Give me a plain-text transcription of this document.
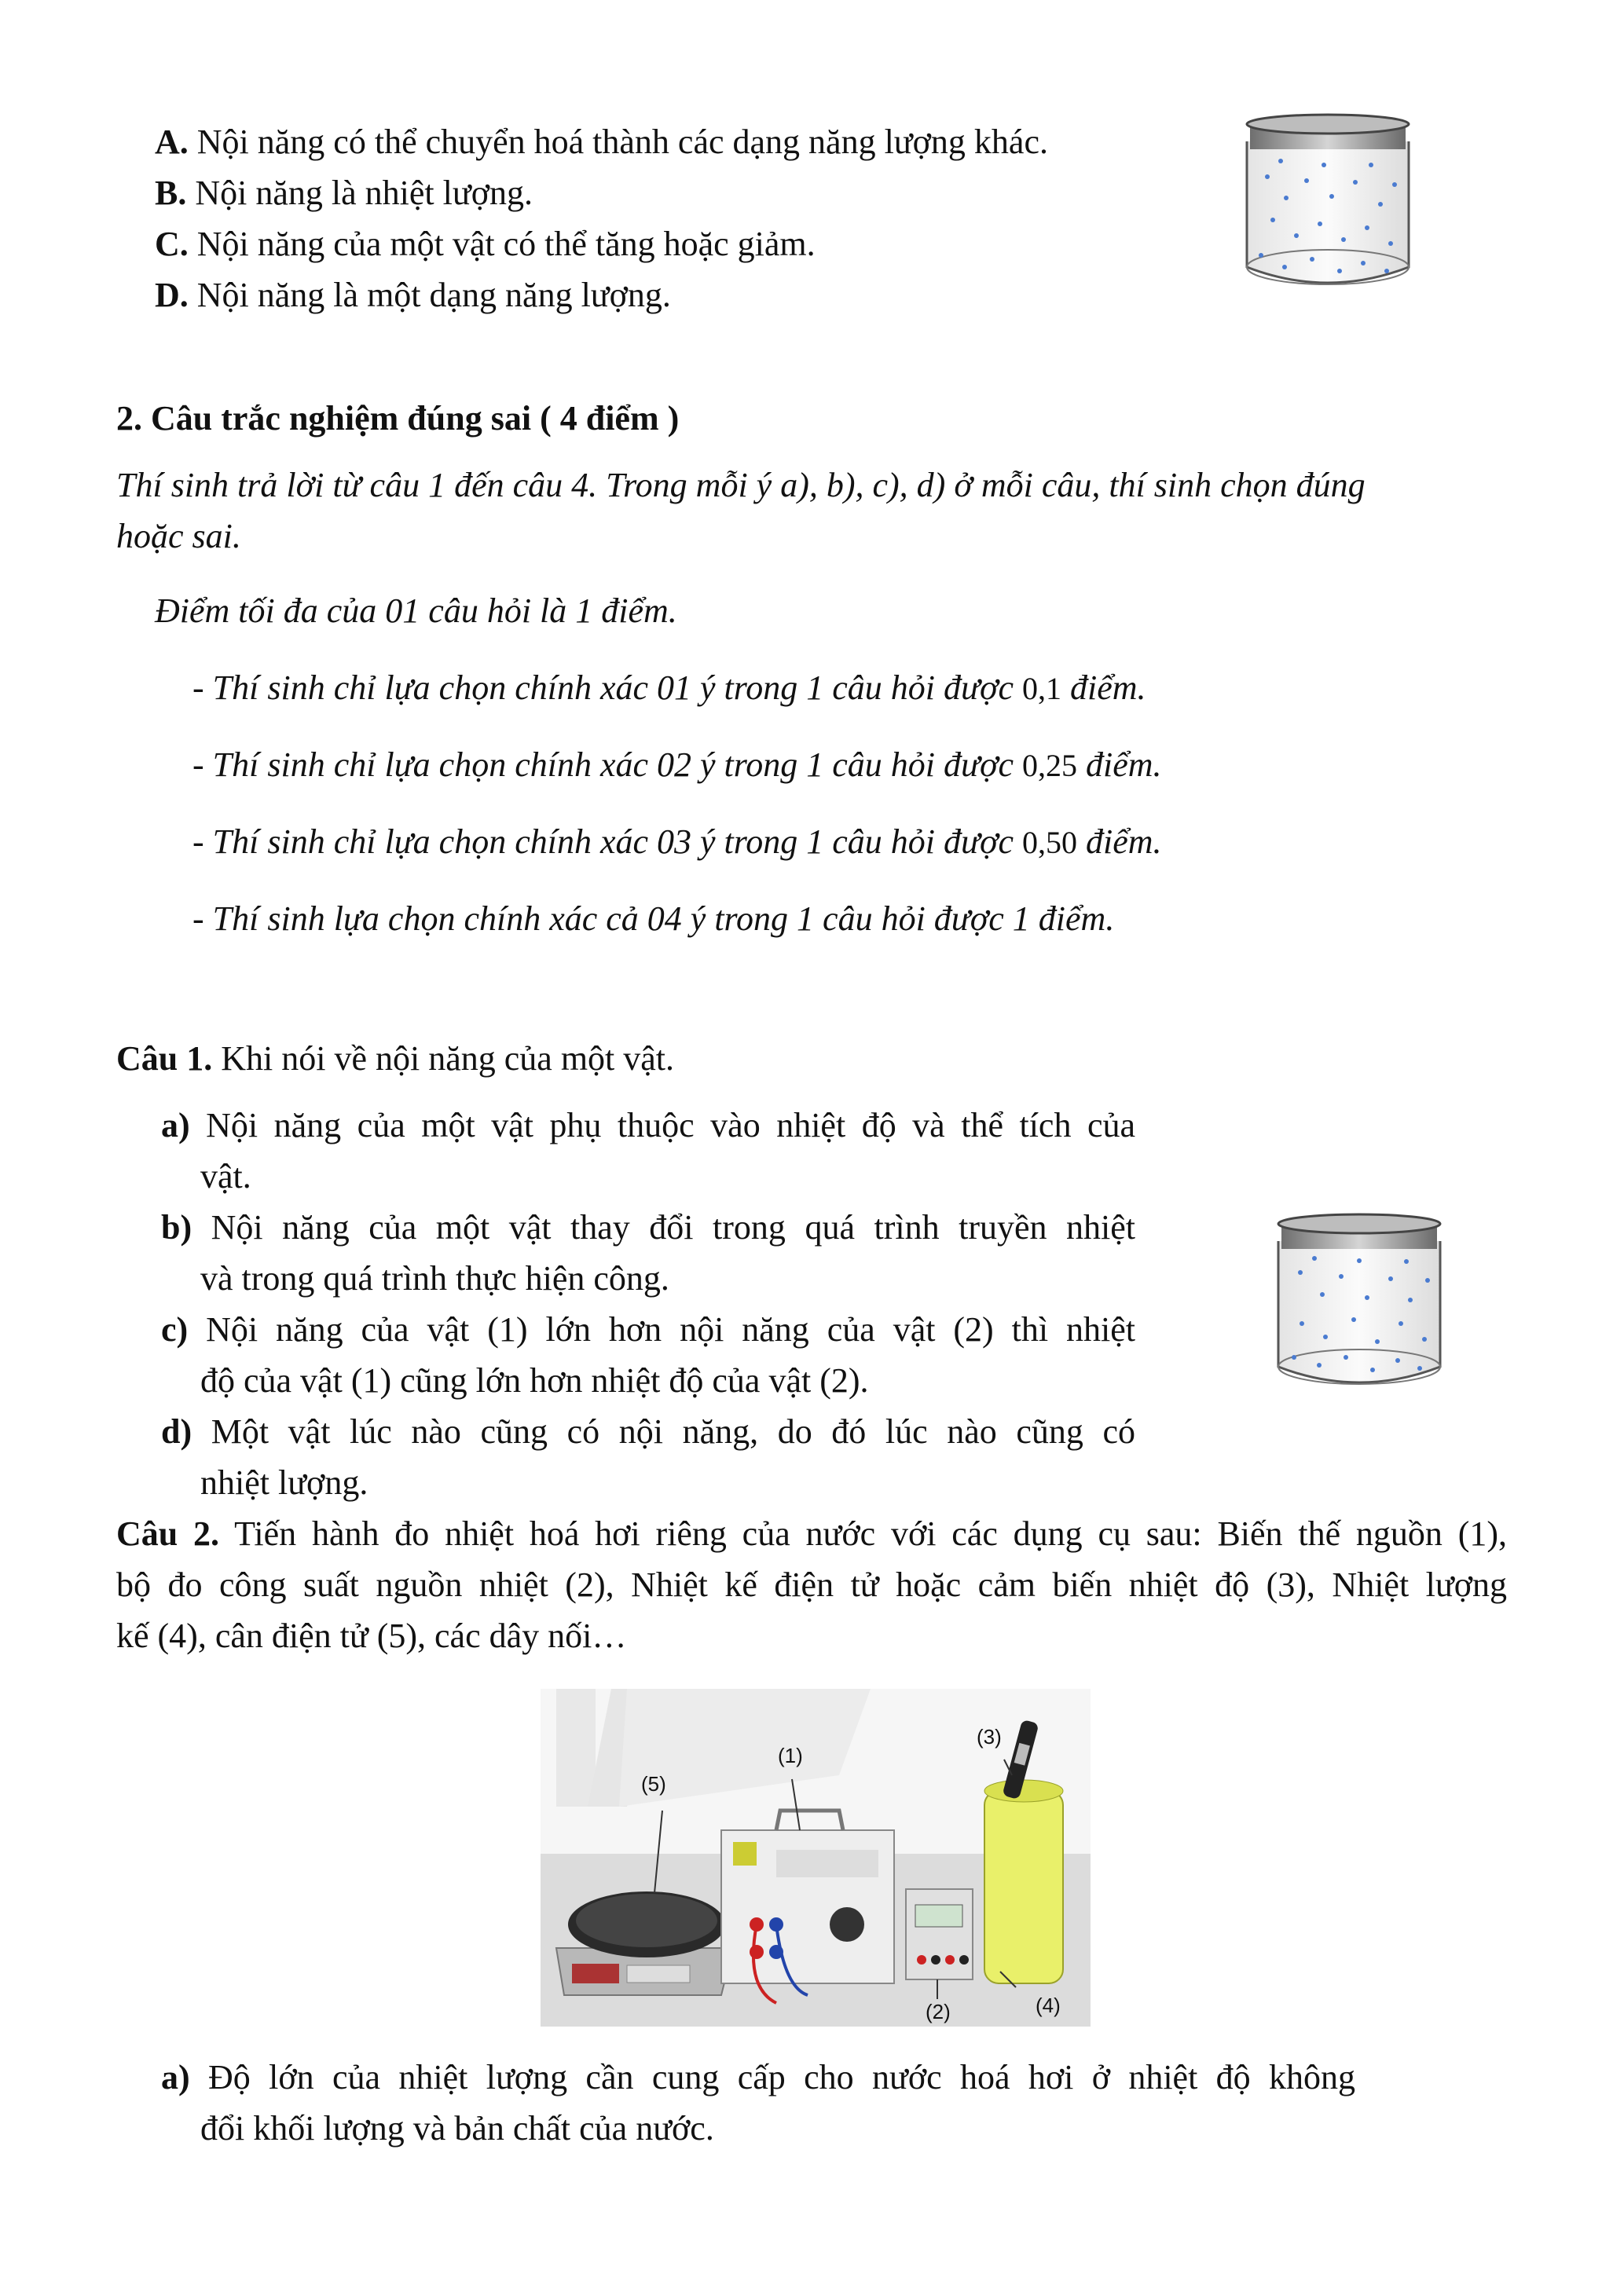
A. Nội năng có thể chuyển hoá thành các dạng năng lượng khác.
B. Nội năng là nhiệt lượng.
C. Nội năng của một vật có thể tăng hoặc giảm.
D. Nội năng là một dạng năng lượng.
2. Câu trắc nghiệm đúng sai ( 4 điểm )
Thí sinh trả lời từ câu 1 đến câu 4. Trong mỗi ý a), b), c), d) ở mỗi câu, thí sinh chọn đúng
hoặc sai.
Điểm tối đa của 01 câu hỏi là 1 điểm.
- Thí sinh chỉ lựa chọn chính xác 01 ý trong 1 câu hỏi được 0,1 điểm.
- Thí sinh chỉ lựa chọn chính xác 02 ý trong 1 câu hỏi được 0,25 điểm.
- Thí sinh chỉ lựa chọn chính xác 03 ý trong 1 câu hỏi được 0,50 điểm.
- Thí sinh lựa chọn chính xác cả 04 ý trong 1 câu hỏi được 1 điểm.
Câu 1. Khi nói về nội năng của một vật.
a) Nội năng của một vật phụ thuộc vào nhiệt độ và thể tích của
vật.
b) Nội năng của một vật thay đổi trong quá trình truyền nhiệt
và trong quá trình thực hiện công.
c) Nội năng của vật (1) lớn hơn nội năng của vật (2) thì nhiệt
độ của vật (1) cũng lớn hơn nhiệt độ của vật (2).
d) Một vật lúc nào cũng có nội năng, do đó lúc nào cũng có
nhiệt lượng.
Câu 2. Tiến hành đo nhiệt hoá hơi riêng của nước với các dụng cụ sau: Biến thế nguồn (1),
bộ đo công suất nguồn nhiệt (2), Nhiệt kế điện tử hoặc cảm biến nhiệt độ (3), Nhiệt lượng
kế (4), cân điện tử (5), các dây nối…
(1)
(2)
(3)
(4)
(5)
a) Độ lớn của nhiệt lượng cần cung cấp cho nước hoá hơi ở nhiệt độ không
đổi khối lượng và bản chất của nước.
